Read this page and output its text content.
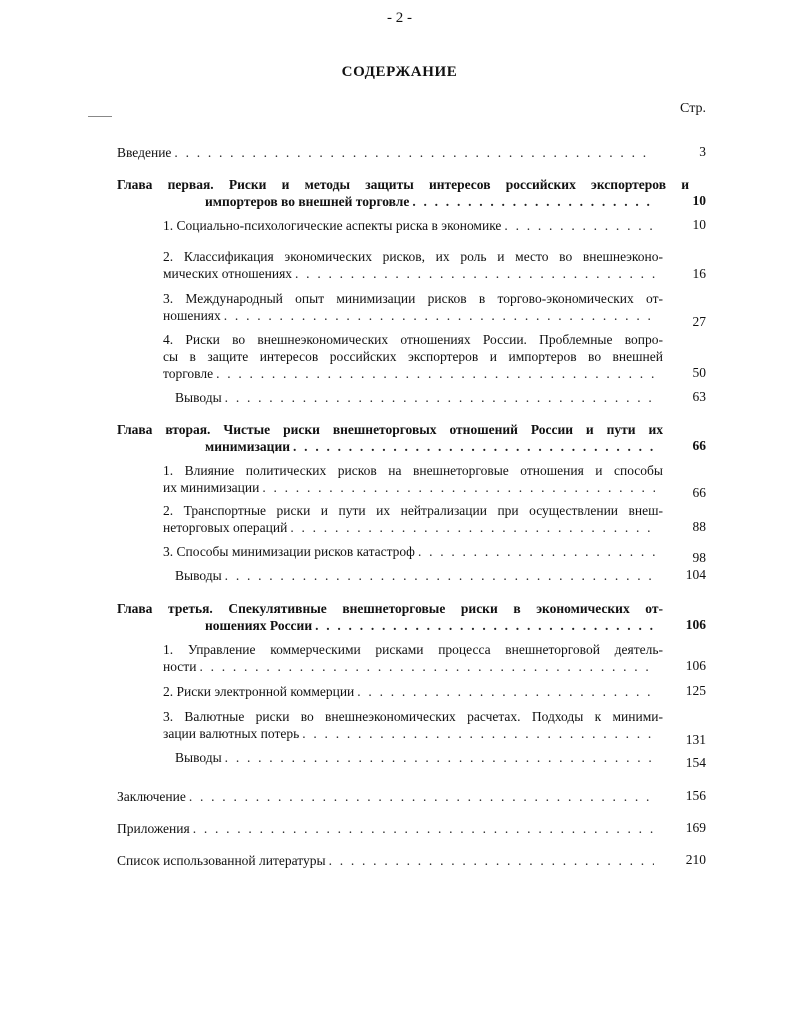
- 2 -
СОДЕРЖАНИЕ
Стр.
Введение . . .	3
Глава первая. Риски и методы защиты интересов российских экспортеров и
импортеров во внешней торговле . . .	10
1. Социально-психологические аспекты риска в экономике . . .	10
2. Классификация экономических рисков, их роль и место во внешнеэконо-
мических отношениях . . .	16
3. Международный опыт минимизации рисков в торгово-экономических от-
ношениях . . .	27
4. Риски во внешнеэкономических отношениях России. Проблемные вопро-
сы в защите интересов российских экспортеров и импортеров во внешней
торговле . . .	50
Выводы . . .	63
Глава вторая. Чистые риски внешнеторговых отношений России и пути их
минимизации . . .	66
1. Влияние политических рисков на внешнеторговые отношения и способы
их минимизации . . .	66
2. Транспортные риски и пути их нейтрализации при осуществлении внеш-
неторговых операций . . .	88
3. Способы минимизации рисков катастроф . . .	98
Выводы . . .	104
Глава третья. Спекулятивные внешнеторговые риски в экономических от-
ношениях России . . .	106
1. Управление коммерческими рисками процесса внешнеторговой деятель-
ности . . .	106
2. Риски электронной коммерции . . .	125
3. Валютные риски во внешнеэкономических расчетах. Подходы к миними-
зации валютных потерь . . .	131
Выводы . . .	154
Заключение . . .	156
Приложения . . .	169
Список использованной литературы . . .	210
